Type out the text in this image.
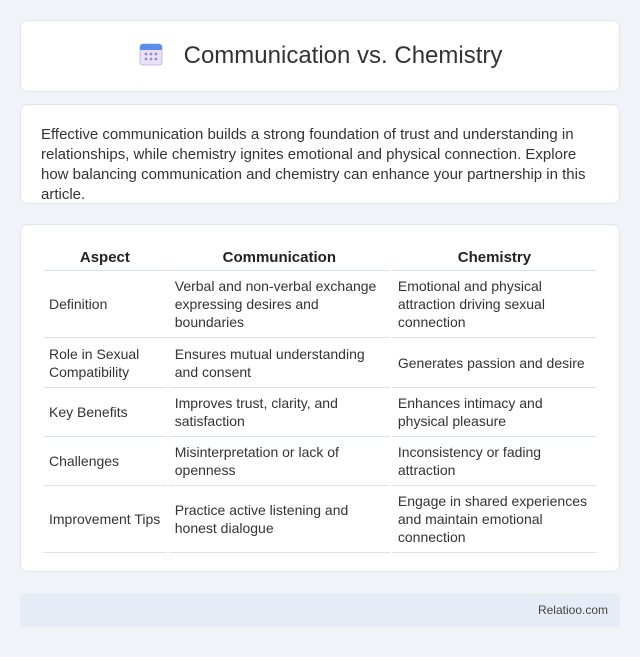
Communication vs. Chemistry

Effective communication builds a strong foundation of trust and understanding in relationships, while chemistry ignites emotional and physical connection. Explore how balancing communication and chemistry can enhance your partnership in this article.

Aspect	Communication	Chemistry
Definition	Verbal and non-verbal exchange expressing desires and boundaries	Emotional and physical attraction driving sexual connection
Role in Sexual Compatibility	Ensures mutual understanding and consent	Generates passion and desire
Key Benefits	Improves trust, clarity, and satisfaction	Enhances intimacy and physical pleasure
Challenges	Misinterpretation or lack of openness	Inconsistency or fading attraction
Improvement Tips	Practice active listening and honest dialogue	Engage in shared experiences and maintain emotional connection
Relatioo.com
